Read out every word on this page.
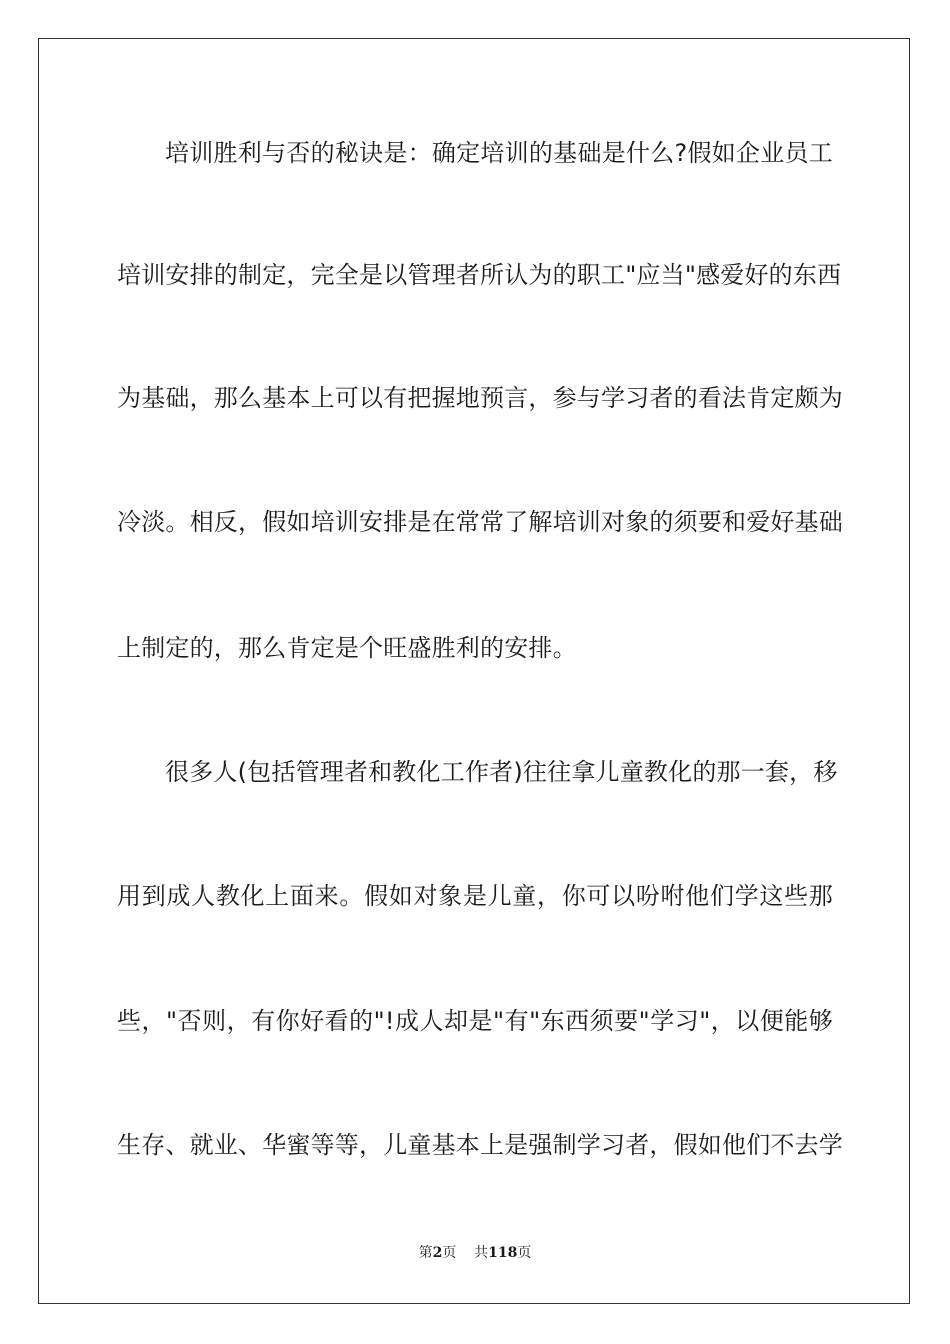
培训胜利与否的秘诀是：确定培训的基础是什么?假如企业员工
培训安排的制定，完全是以管理者所认为的职工"应当"感爱好的东西
为基础，那么基本上可以有把握地预言，参与学习者的看法肯定颇为
冷淡。相反，假如培训安排是在常常了解培训对象的须要和爱好基础
上制定的，那么肯定是个旺盛胜利的安排。
很多人(包括管理者和教化工作者)往往拿儿童教化的那一套，移
用到成人教化上面来。假如对象是儿童，你可以吩咐他们学这些那
些，"否则，有你好看的"!成人却是"有"东西须要"学习"，以便能够
生存、就业、华蜜等等，儿童基本上是强制学习者，假如他们不去学
第2页 共118页
